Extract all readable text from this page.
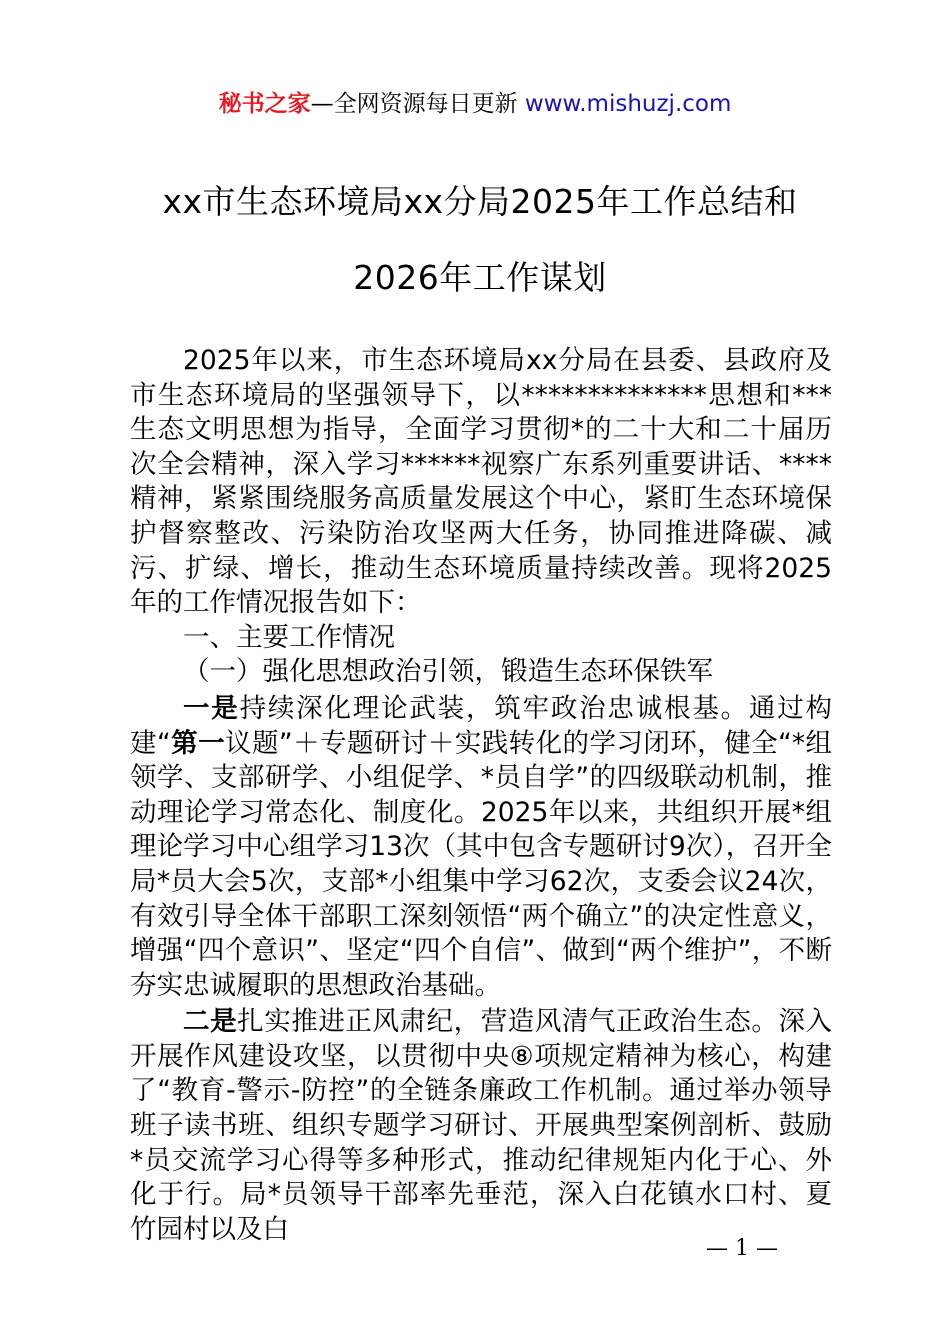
秘书之家—全网资源每日更新 www.mishuzj.com
xx市生态环境局xx分局2025年工作总结和
2026年工作谋划

2025年以来，市生态环境局xx分局在县委、县政府及市生态环境局的坚强领导下，以**************思想和***生态文明思想为指导，全面学习贯彻*的二十大和二十届历次全会精神，深入学习******视察广东系列重要讲话、****精神，紧紧围绕服务高质量发展这个中心，紧盯生态环境保护督察整改、污染防治攻坚两大任务，协同推进降碳、减污、扩绿、增长，推动生态环境质量持续改善。现将2025年的工作情况报告如下：

一、主要工作情况

（一）强化思想政治引领，锻造生态环保铁军

一是持续深化理论武装，筑牢政治忠诚根基。通过构建“第一议题”＋专题研讨＋实践转化的学习闭环，健全“*组领学、支部研学、小组促学、*员自学”的四级联动机制，推动理论学习常态化、制度化。2025年以来，共组织开展*组理论学习中心组学习13次（其中包含专题研讨9次），召开全局*员大会5次，支部*小组集中学习62次，支委会议24次，有效引导全体干部职工深刻领悟“两个确立”的决定性意义，增强“四个意识”、坚定“四个自信”、做到“两个维护”，不断夯实忠诚履职的思想政治基础。

二是扎实推进正风肃纪，营造风清气正政治生态。深入开展作风建设攻坚，以贯彻中央⑧项规定精神为核心，构建了“教育-警示-防控”的全链条廉政工作机制。通过举办领导班子读书班、组织专题学习研讨、开展典型案例剖析、鼓励*员交流学习心得等多种形式，推动纪律规矩内化于心、外化于行。局*员领导干部率先垂范，深入白花镇水口村、夏竹园村以及白

— 1 —
